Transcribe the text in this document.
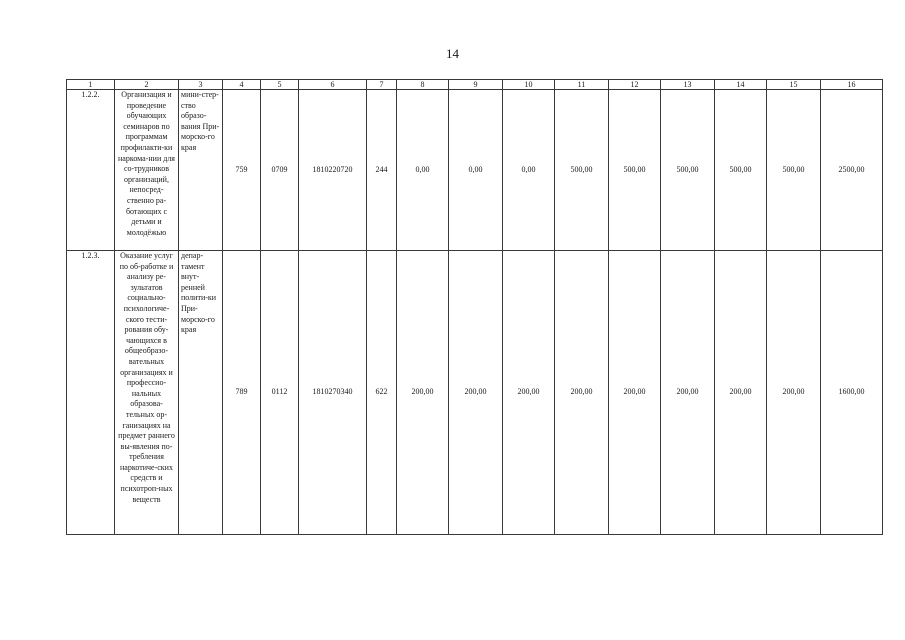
14
1	2	3	4	5	6	7	8	9	10	11	12	13	14	15	16
1.2.2.	Организация и проведение обучающих семинаров по программам профилакти-ки наркома-нии для со-трудников организаций, непосред-ственно ра-ботающих с детьми и молодёжью	мини-стер-ство образо-вания При-морско-го края	759	0709	1810220720	244	0,00	0,00	0,00	500,00	500,00	500,00	500,00	500,00	2500,00
1.2.3.	Оказание услуг по об-работке и анализу ре-зультатов социально-психологиче-ского тести-рования обу-чающихся в общеобразо-вательных организациях и профессио-нальных образова-тельных ор-ганизациях на предмет раннего вы-явления по-требления наркотиче-ских средств и психотроп-ных веществ	депар-тамент внут-ренней полити-ки При-морско-го края	789	0112	1810270340	622	200,00	200,00	200,00	200,00	200,00	200,00	200,00	200,00	1600,00
